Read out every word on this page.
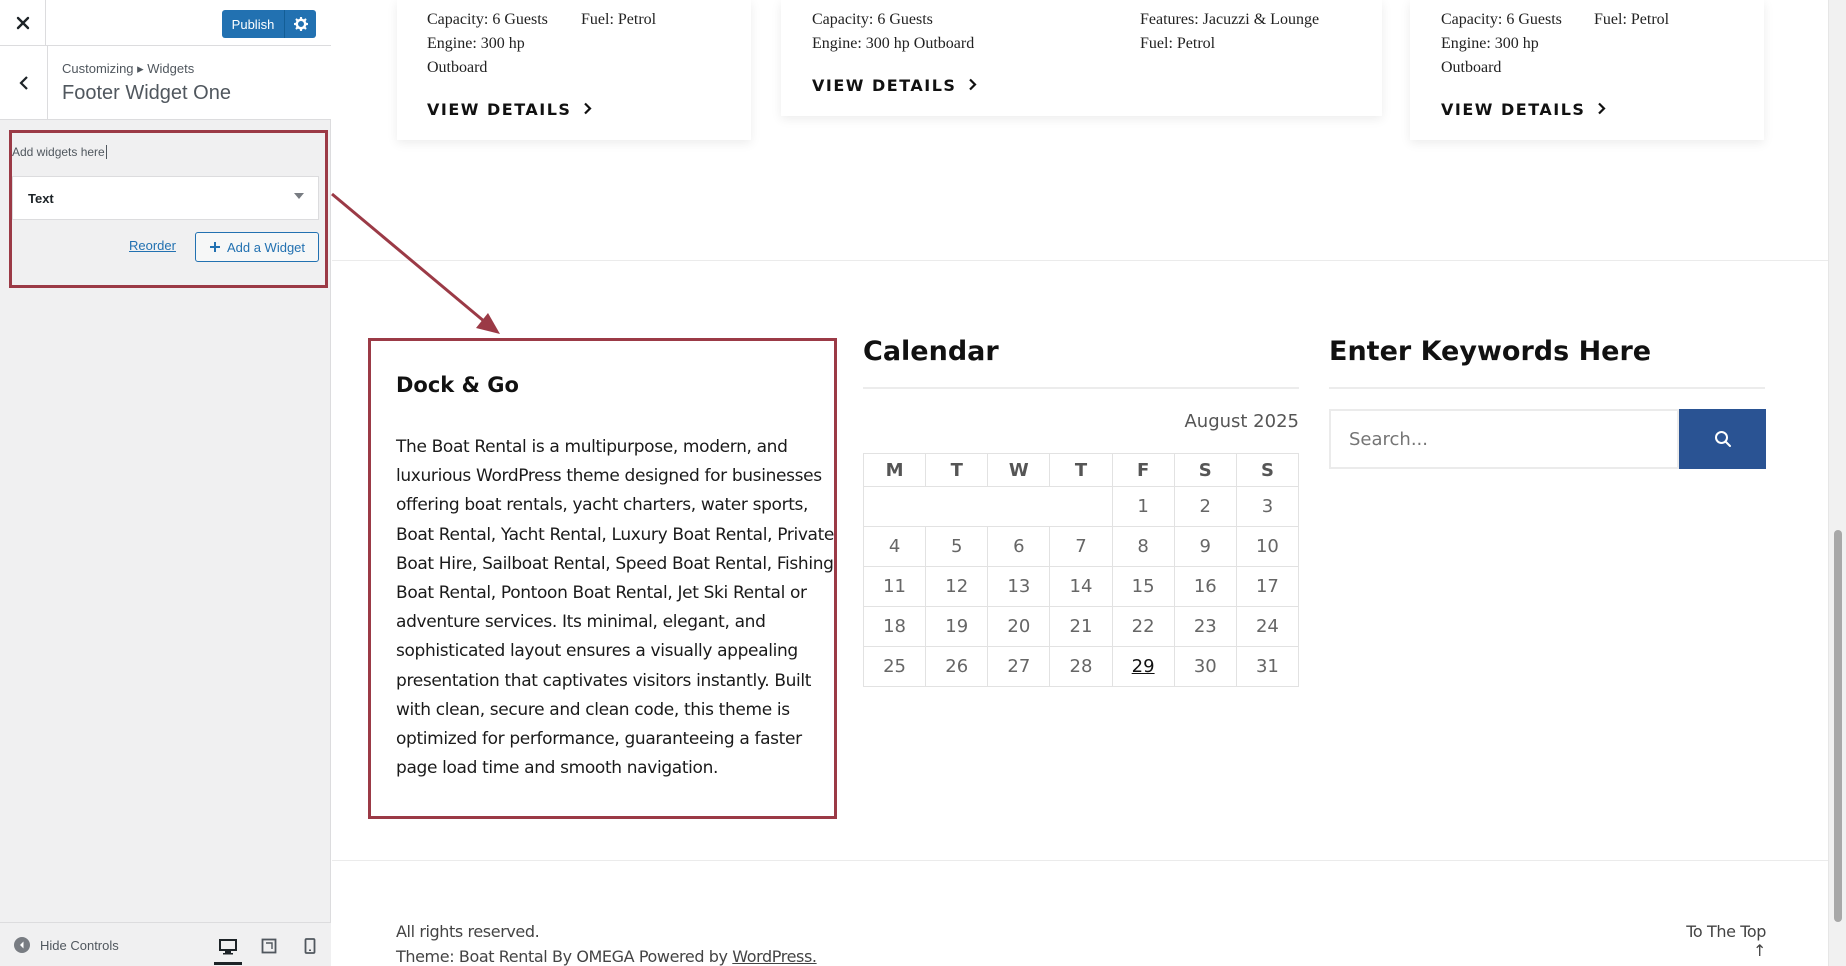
Publish
Customizing ▸ Widgets
Footer Widget One
Add widgets here
Text
Reorder	Add a Widget
Hide Controls
Capacity: 6 Guests
Engine: 300 hp
Outboard
Fuel: Petrol
VIEW DETAILS
Capacity: 6 Guests
Engine: 300 hp Outboard
Features: Jacuzzi & Lounge
Fuel: Petrol
VIEW DETAILS
Capacity: 6 Guests
Engine: 300 hp
Outboard
Fuel: Petrol
VIEW DETAILS
Dock & Go
The Boat Rental is a multipurpose, modern, and luxurious WordPress theme designed for businesses offering boat rentals, yacht charters, water sports, Boat Rental, Yacht Rental, Luxury Boat Rental, Private Boat Hire, Sailboat Rental, Speed Boat Rental, Fishing Boat Rental, Pontoon Boat Rental, Jet Ski Rental or adventure services. Its minimal, elegant, and sophisticated layout ensures a visually appealing presentation that captivates visitors instantly. Built with clean, secure and clean code, this theme is optimized for performance, guaranteeing a faster page load time and smooth navigation.
Calendar
August 2025
M	T	W	T	F	S	S
				1	2	3
4	5	6	7	8	9	10
11	12	13	14	15	16	17
18	19	20	21	22	23	24
25	26	27	28	29	30	31
Enter Keywords Here
Search...
All rights reserved.
Theme: Boat Rental By OMEGA Powered by WordPress.
To The Top ↑
